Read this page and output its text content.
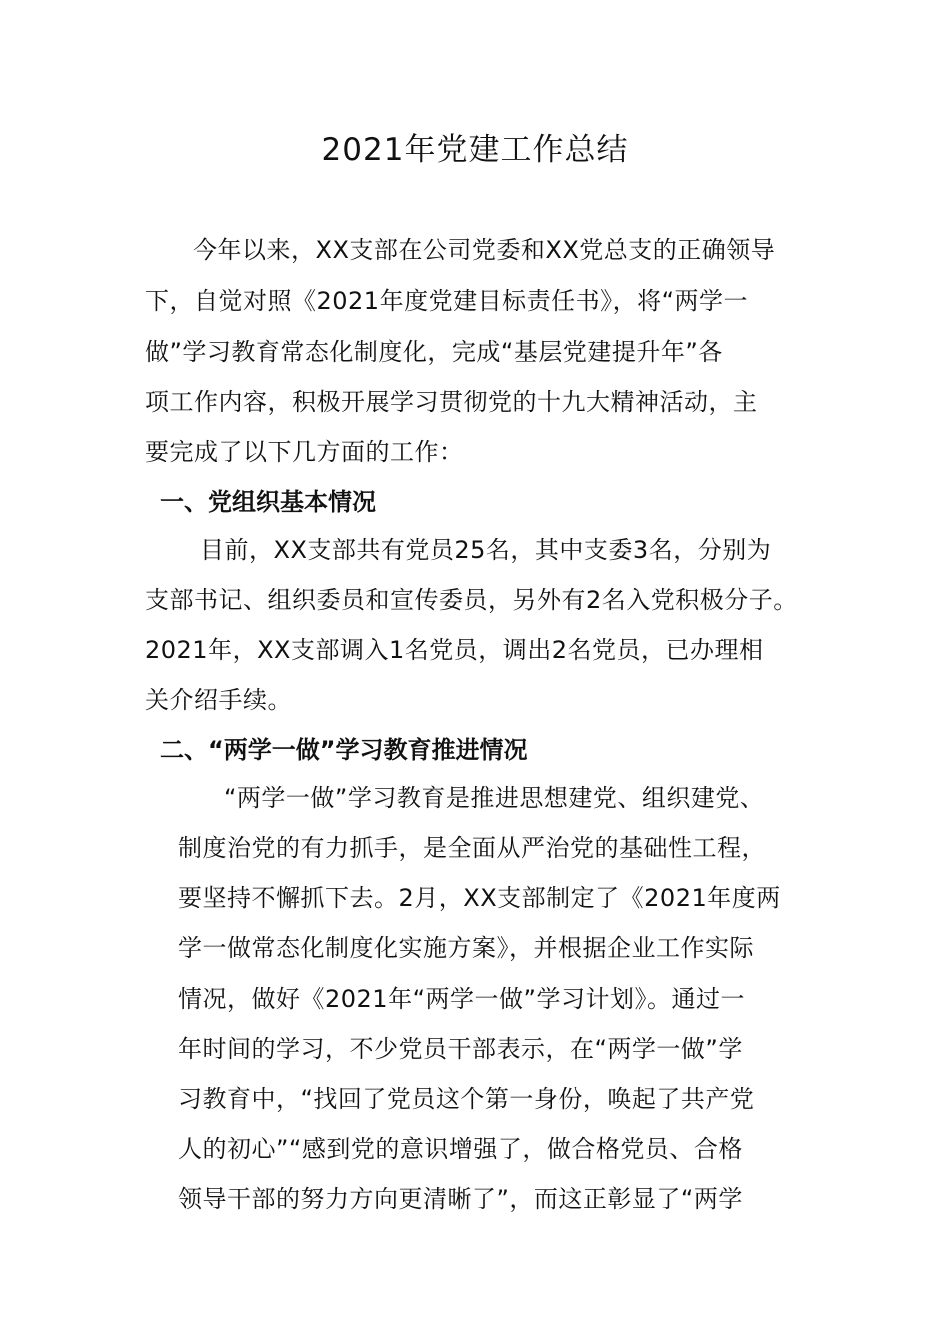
2021年党建工作总结
今年以来，XX支部在公司党委和XX党总支的正确领导
下，自觉对照《2021年度党建目标责任书》，将“两学一
做”学习教育常态化制度化，完成“基层党建提升年”各
项工作内容，积极开展学习贯彻党的十九大精神活动，主
要完成了以下几方面的工作：
一、党组织基本情况
目前，XX支部共有党员25名，其中支委3名，分别为
支部书记、组织委员和宣传委员，另外有2名入党积极分子。
2021年，XX支部调入1名党员，调出2名党员，已办理相
关介绍手续。
二、“两学一做”学习教育推进情况
“两学一做”学习教育是推进思想建党、组织建党、
制度治党的有力抓手，是全面从严治党的基础性工程，
要坚持不懈抓下去。2月，XX支部制定了《2021年度两
学一做常态化制度化实施方案》，并根据企业工作实际
情况，做好《2021年“两学一做”学习计划》。通过一
年时间的学习，不少党员干部表示，在“两学一做”学
习教育中，“找回了党员这个第一身份，唤起了共产党
人的初心”“感到党的意识增强了，做合格党员、合格
领导干部的努力方向更清晰了”，而这正彰显了“两学
